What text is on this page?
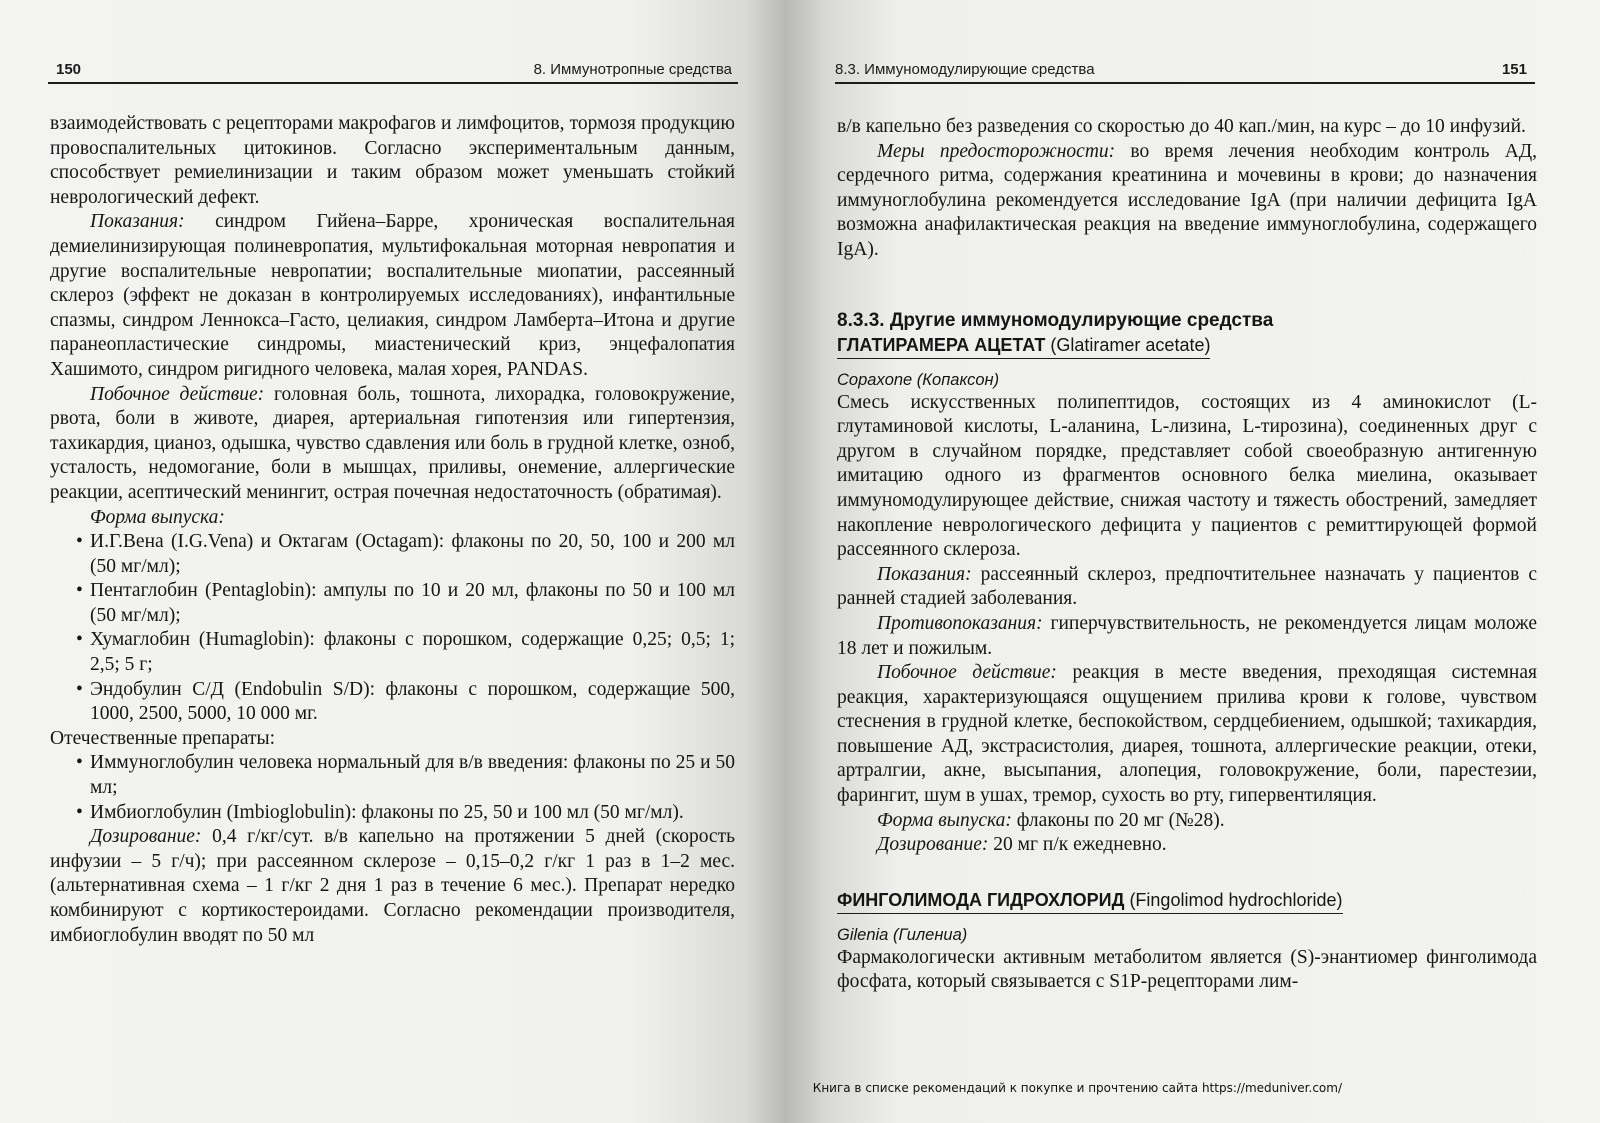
150	8. Иммунотропные средства

взаимодействовать с рецепторами макрофагов и лимфоцитов, тормозя продукцию провоспалительных цитокинов. Согласно экспериментальным данным, способствует ремиелинизации и таким образом может уменьшать стойкий неврологический дефект.

Показания: синдром Гийена–Барре, хроническая воспалительная демиелинизирующая полиневропатия, мультифокальная моторная невропатия и другие воспалительные невропатии; воспалительные миопатии, рассеянный склероз (эффект не доказан в контролируемых исследованиях), инфантильные спазмы, синдром Леннокса–Гасто, целиакия, синдром Ламберта–Итона и другие паранеопластические синдромы, миастенический криз, энцефалопатия Хашимото, синдром ригидного человека, малая хорея, PANDAS.

Побочное действие: головная боль, тошнота, лихорадка, головокружение, рвота, боли в животе, диарея, артериальная гипотензия или гипертензия, тахикардия, цианоз, одышка, чувство сдавления или боль в грудной клетке, озноб, усталость, недомогание, боли в мышцах, приливы, онемение, аллергические реакции, асептический менингит, острая почечная недостаточность (обратимая).

Форма выпуска:

• И.Г.Вена (I.G.Vena) и Октагам (Octagam): флаконы по 20, 50, 100 и 200 мл (50 мг/мл);

• Пентаглобин (Pentaglobin): ампулы по 10 и 20 мл, флаконы по 50 и 100 мл (50 мг/мл);

• Хумаглобин (Humaglobin): флаконы с порошком, содержащие 0,25; 0,5; 1; 2,5; 5 г;

• Эндобулин С/Д (Endobulin S/D): флаконы с порошком, содержащие 500, 1000, 2500, 5000, 10 000 мг.

Отечественные препараты:

• Иммуноглобулин человека нормальный для в/в введения: флаконы по 25 и 50 мл;

• Имбиоглобулин (Imbioglobulin): флаконы по 25, 50 и 100 мл (50 мг/мл).

Дозирование: 0,4 г/кг/сут. в/в капельно на протяжении 5 дней (скорость инфузии – 5 г/ч); при рассеянном склерозе – 0,15–0,2 г/кг 1 раз в 1–2 мес. (альтернативная схема – 1 г/кг 2 дня 1 раз в течение 6 мес.). Препарат нередко комбинируют с кортикостероидами. Согласно рекомендации производителя, имбиоглобулин вводят по 50 мл

8.3. Иммуномодулирующие средства	151

в/в капельно без разведения со скоростью до 40 кап./мин, на курс – до 10 инфузий.

Меры предосторожности: во время лечения необходим контроль АД, сердечного ритма, содержания креатинина и мочевины в крови; до назначения иммуноглобулина рекомендуется исследование IgA (при наличии дефицита IgA возможна анафилактическая реакция на введение иммуноглобулина, содержащего IgA).

8.3.3. Другие иммуномодулирующие средства
ГЛАТИРАМЕРА АЦЕТАТ (Glatiramer acetate)
Copaxone (Копаксон)

Смесь искусственных полипептидов, состоящих из 4 аминокислот (L-глутаминовой кислоты, L-аланина, L-лизина, L-тирозина), соединенных друг с другом в случайном порядке, представляет собой своеобразную антигенную имитацию одного из фрагментов основного белка миелина, оказывает иммуномодулирующее действие, снижая частоту и тяжесть обострений, замедляет накопление неврологического дефицита у пациентов с ремиттирующей формой рассеянного склероза.

Показания: рассеянный склероз, предпочтительнее назначать у пациентов с ранней стадией заболевания.

Противопоказания: гиперчувствительность, не рекомендуется лицам моложе 18 лет и пожилым.

Побочное действие: реакция в месте введения, преходящая системная реакция, характеризующаяся ощущением прилива крови к голове, чувством стеснения в грудной клетке, беспокойством, сердцебиением, одышкой; тахикардия, повышение АД, экстрасистолия, диарея, тошнота, аллергические реакции, отеки, артралгии, акне, высыпания, алопеция, головокружение, боли, парестезии, фарингит, шум в ушах, тремор, сухость во рту, гипервентиляция.

Форма выпуска: флаконы по 20 мг (№28).

Дозирование: 20 мг п/к ежедневно.

ФИНГОЛИМОДА ГИДРОХЛОРИД (Fingolimod hydrochloride)
Gilenia (Гилениа)

Фармакологически активным метаболитом является (S)-энантиомер финголимода фосфата, который связывается с S1P-рецепторами лим-

Книга в списке рекомендаций к покупке и прочтению сайта https://meduniver.com/
